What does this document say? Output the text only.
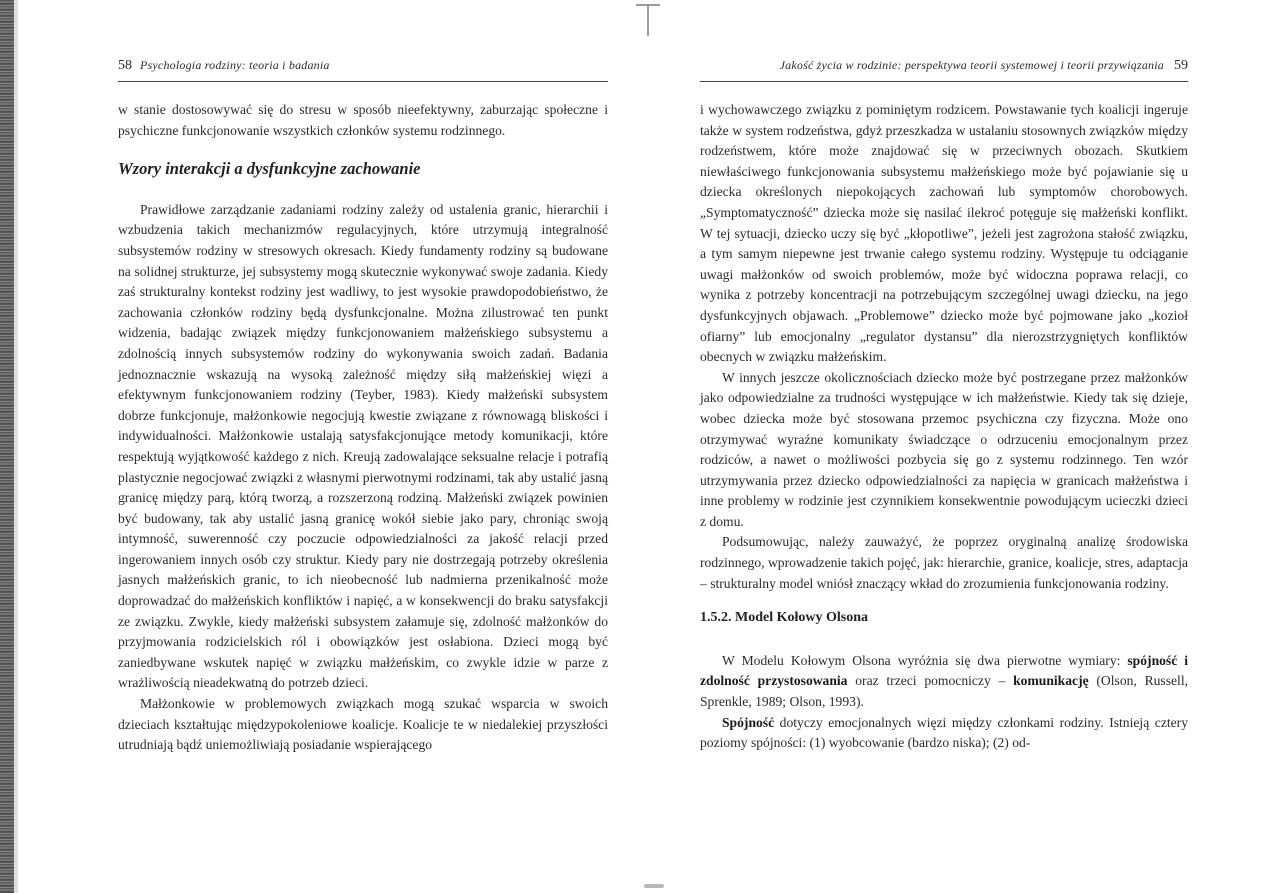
58 Psychologia rodziny: teoria i badania

w stanie dostosowywać się do stresu w sposób nieefektywny, zaburzając społeczne i psychiczne funkcjonowanie wszystkich członków systemu rodzinnego.

Wzory interakcji a dysfunkcyjne zachowanie

Prawidłowe zarządzanie zadaniami rodziny zależy od ustalenia granic, hierarchii i wzbudzenia takich mechanizmów regulacyjnych, które utrzymują integralność subsystemów rodziny w stresowych okresach. Kiedy fundamenty rodziny są budowane na solidnej strukturze, jej subsystemy mogą skutecznie wykonywać swoje zadania. Kiedy zaś strukturalny kontekst rodziny jest wadliwy, to jest wysokie prawdopodobieństwo, że zachowania członków rodziny będą dysfunkcjonalne. Można zilustrować ten punkt widzenia, badając związek między funkcjonowaniem małżeńskiego subsystemu a zdolnością innych subsystemów rodziny do wykonywania swoich zadań. Badania jednoznacznie wskazują na wysoką zależność między siłą małżeńskiej więzi a efektywnym funkcjonowaniem rodziny (Teyber, 1983). Kiedy małżeński subsystem dobrze funkcjonuje, małżonkowie negocjują kwestie związane z równowagą bliskości i indywidualności. Małżonkowie ustalają satysfakcjonujące metody komunikacji, które respektują wyjątkowość każdego z nich. Kreują zadowalające seksualne relacje i potrafią plastycznie negocjować związki z własnymi pierwotnymi rodzinami, tak aby ustalić jasną granicę między parą, którą tworzą, a rozszerzoną rodziną. Małżeński związek powinien być budowany, tak aby ustalić jasną granicę wokół siebie jako pary, chroniąc swoją intymność, suwerenność czy poczucie odpowiedzialności za jakość relacji przed ingerowaniem innych osób czy struktur. Kiedy pary nie dostrzegają potrzeby określenia jasnych małżeńskich granic, to ich nieobecność lub nadmierna przenikalność może doprowadzać do małżeńskich konfliktów i napięć, a w konsekwencji do braku satysfakcji ze związku. Zwykle, kiedy małżeński subsystem załamuje się, zdolność małżonków do przyjmowania rodzicielskich ról i obowiązków jest osłabiona. Dzieci mogą być zaniedbywane wskutek napięć w związku małżeńskim, co zwykle idzie w parze z wrażliwością nieadekwatną do potrzeb dzieci.

Małżonkowie w problemowych związkach mogą szukać wsparcia w swoich dzieciach kształtując międzypokoleniowe koalicje. Koalicje te w niedalekiej przyszłości utrudniają bądź uniemożliwiają posiadanie wspierającego

Jakość życia w rodzinie: perspektywa teorii systemowej i teorii przywiązania 59

i wychowawczego związku z pominiętym rodzicem. Powstawanie tych koalicji ingeruje także w system rodzeństwa, gdyż przeszkadza w ustalaniu stosownych związków między rodzeństwem, które może znajdować się w przeciwnych obozach. Skutkiem niewłaściwego funkcjonowania subsystemu małżeńskiego może być pojawianie się u dziecka określonych niepokojących zachowań lub symptomów chorobowych. „Symptomatyczność” dziecka może się nasilać ilekroć potęguje się małżeński konflikt. W tej sytuacji, dziecko uczy się być „kłopotliwe”, jeżeli jest zagrożona stałość związku, a tym samym niepewne jest trwanie całego systemu rodziny. Występuje tu odciąganie uwagi małżonków od swoich problemów, może być widoczna poprawa relacji, co wynika z potrzeby koncentracji na potrzebującym szczególnej uwagi dziecku, na jego dysfunkcyjnych objawach. „Problemowe” dziecko może być pojmowane jako „kozioł ofiarny” lub emocjonalny „regulator dystansu” dla nierozstrzygniętych konfliktów obecnych w związku małżeńskim.

W innych jeszcze okolicznościach dziecko może być postrzegane przez małżonków jako odpowiedzialne za trudności występujące w ich małżeństwie. Kiedy tak się dzieje, wobec dziecka może być stosowana przemoc psychiczna czy fizyczna. Może ono otrzymywać wyraźne komunikaty świadczące o odrzuceniu emocjonalnym przez rodziców, a nawet o możliwości pozbycia się go z systemu rodzinnego. Ten wzór utrzymywania przez dziecko odpowiedzialności za napięcia w granicach małżeństwa i inne problemy w rodzinie jest czynnikiem konsekwentnie powodującym ucieczki dzieci z domu.

Podsumowując, należy zauważyć, że poprzez oryginalną analizę środowiska rodzinnego, wprowadzenie takich pojęć, jak: hierarchie, granice, koalicje, stres, adaptacja – strukturalny model wniósł znaczący wkład do zrozumienia funkcjonowania rodziny.

1.5.2. Model Kołowy Olsona

W Modelu Kołowym Olsona wyróżnia się dwa pierwotne wymiary: spójność i zdolność przystosowania oraz trzeci pomocniczy – komunikację (Olson, Russell, Sprenkle, 1989; Olson, 1993).

Spójność dotyczy emocjonalnych więzi między członkami rodziny. Istnieją cztery poziomy spójności: (1) wyobcowanie (bardzo niska); (2) od-
